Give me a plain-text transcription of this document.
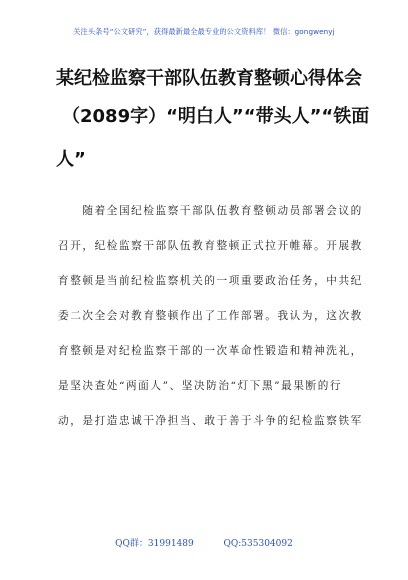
关注头条号“公文研究”，获得最新最全最专业的公文资料库！ 微信：gongwenyj
某纪检监察干部队伍教育整顿心得体会
（2089字）“明白人”“带头人”“铁面
人”
　　随着全国纪检监察干部队伍教育整顿动员部署会议的
召开，纪检监察干部队伍教育整顿正式拉开帷幕。开展教
育整顿是当前纪检监察机关的一项重要政治任务，中共纪
委二次全会对教育整顿作出了工作部署。我认为，这次教
育整顿是对纪检监察干部的一次革命性锻造和精神洗礼，
是坚决查处“两面人”、坚决防治“灯下黑”最果断的行
动，是打造忠诚干净担当、敢于善于斗争的纪检监察铁军
QQ群：31991489	QQ:535304092
